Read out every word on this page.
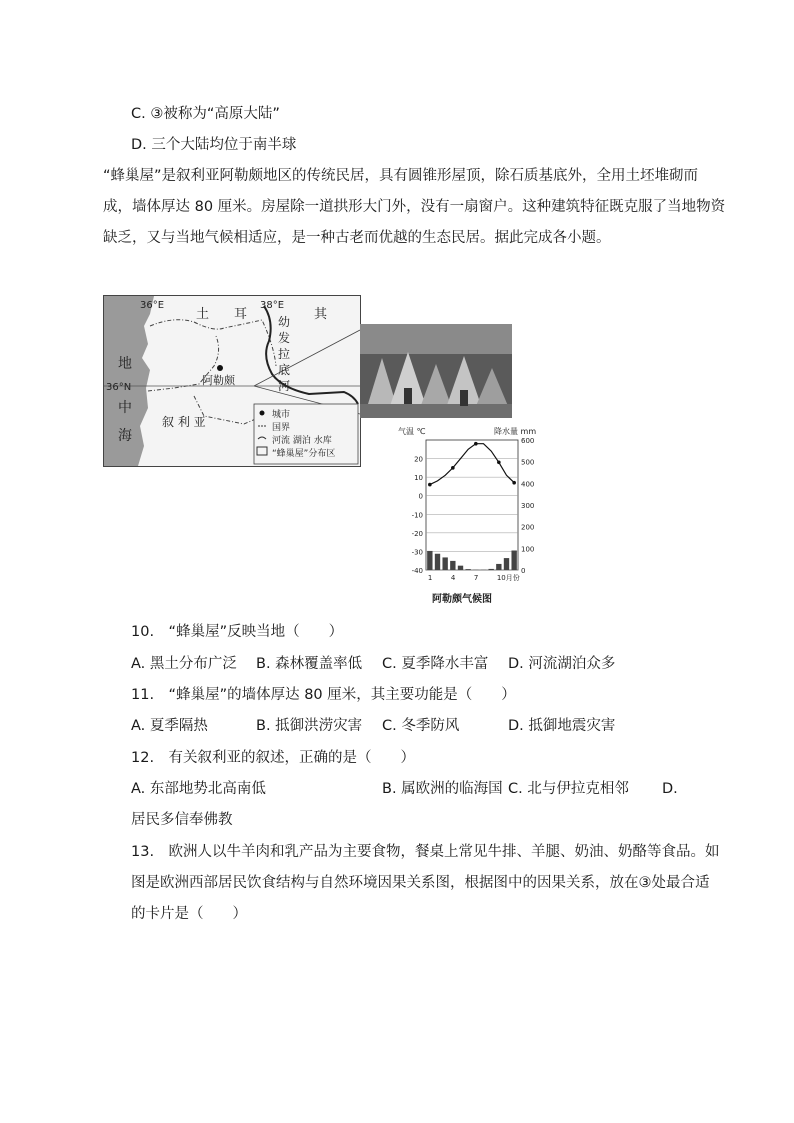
C. ③被称为“高原大陆”
D. 三个大陆均位于南半球
“蜂巢屋”是叙利亚阿勒颇地区的传统民居，具有圆锥形屋顶，除石质基底外，全用土坯堆砌而
成，墙体厚达 80 厘米。房屋除一道拱形大门外，没有一扇窗户。这种建筑特征既克服了当地物资
缺乏，又与当地气候相适应，是一种古老而优越的生态民居。据此完成各小题。
36°E	38°E
36°N
土 耳	其
地
中
海
幼
发
拉
底
河
阿勒颇
叙 利 亚	城市
国界
河流 湖泊 水库
“蜂巢屋”分布区
气温 ℃	降水量 mm
20
10
0
-10
-20
-30
-40
600
500
400
300
200
100
0
1	4	7	10月份
阿勒颇气候图
10.　“蜂巢屋”反映当地（　　）
A. 黑土分布广泛 B. 森林覆盖率低 C. 夏季降水丰富 D. 河流湖泊众多
11.　“蜂巢屋”的墙体厚达 80 厘米，其主要功能是（　　）
A. 夏季隔热	B. 抵御洪涝灾害 C. 冬季防风	D. 抵御地震灾害
12.　有关叙利亚的叙述，正确的是（　　）
A. 东部地势北高南低	B. 属欧洲的临海国 C. 北与伊拉克相邻 D.
居民多信奉佛教
13.　欧洲人以牛羊肉和乳产品为主要食物，餐桌上常见牛排、羊腿、奶油、奶酪等食品。如
图是欧洲西部居民饮食结构与自然环境因果关系图，根据图中的因果关系，放在③处最合适
的卡片是（　　）
